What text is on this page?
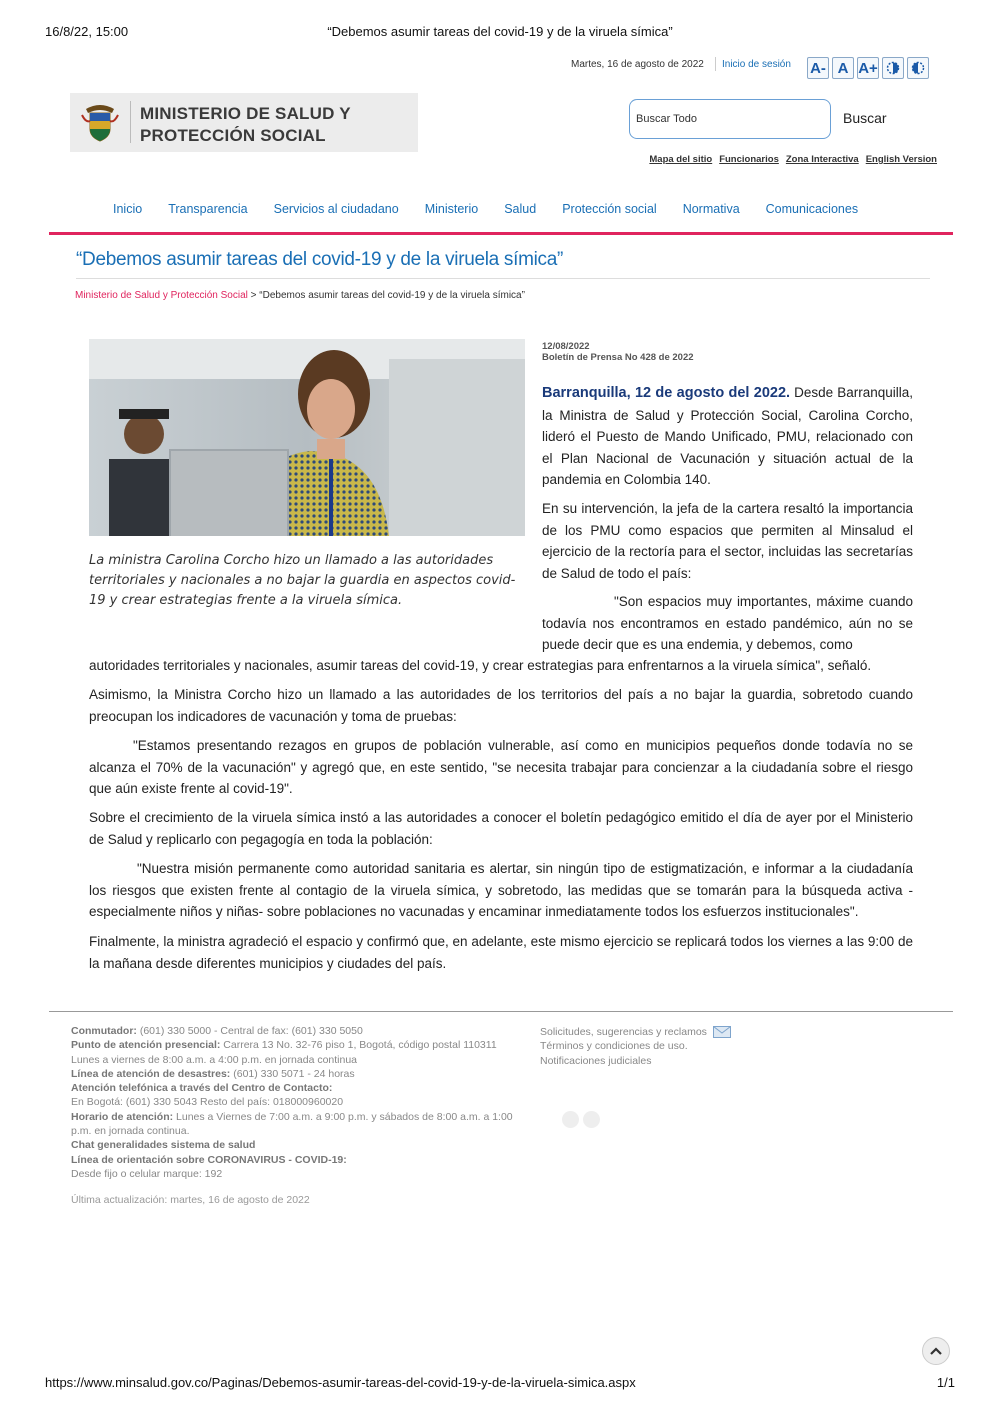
16/8/22, 15:00	“Debemos asumir tareas del covid-19 y de la viruela símica”
Martes, 16 de agosto de 2022 Inicio de sesión A- A A+
MINISTERIO DE SALUD Y
PROTECCIÓN SOCIAL
Buscar Todo
Buscar
Mapa del sitio Funcionarios Zona Interactiva English Version
Inicio Transparencia Servicios al ciudadano Ministerio Salud Protección social Normativa Comunicaciones
“Debemos asumir tareas del covid-19 y de la viruela símica”
Ministerio de Salud y Protección Social > “Debemos asumir tareas del covid-19 y de la viruela símica”
La ministra Carolina Corcho hizo un llamado a las autoridades territoriales y nacionales a no bajar la guardia en aspectos covid-19 y crear estrategias frente a la viruela símica.
12/08/2022
Boletín de Prensa No 428 de 2022

Barranquilla, 12 de agosto del 2022. Desde Barranquilla, la Ministra de Salud y Protección Social, Carolina Corcho, lideró el Puesto de Mando Unificado, PMU, relacionado con el Plan Nacional de Vacunación y situación actual de la pandemia en Colombia 140.

En su intervención, la jefa de la cartera resaltó la importancia de los PMU como espacios que permiten al Minsalud el ejercicio de la rectoría para el sector, incluidas las secretarías de Salud de todo el país:

"Son espacios muy importantes, máxime cuando todavía nos encontramos en estado pandémico, aún no se puede decir que es una endemia, y debemos, como

autoridades territoriales y nacionales, asumir tareas del covid-19, y crear estrategias para enfrentarnos a la viruela símica", señaló.

Asimismo, la Ministra Corcho hizo un llamado a las autoridades de los territorios del país a no bajar la guardia, sobretodo cuando preocupan los indicadores de vacunación y toma de pruebas:

"Estamos presentando rezagos en grupos de población vulnerable, así como en municipios pequeños donde todavía no se alcanza el 70% de la vacunación" y agregó que, en este sentido, "se necesita trabajar para concienzar a la ciudadanía sobre el riesgo que aún existe frente al covid-19".

Sobre el crecimiento de la viruela símica instó a las autoridades a conocer el boletín pedagógico emitido el día de ayer por el Ministerio de Salud y replicarlo con pegagogía en toda la población:

"Nuestra misión permanente como autoridad sanitaria es alertar, sin ningún tipo de estigmatización, e informar a la ciudadanía los riesgos que existen frente al contagio de la viruela símica, y sobretodo, las medidas que se tomarán para la búsqueda activa -especialmente niños y niñas- sobre poblaciones no vacunadas y encaminar inmediatamente todos los esfuerzos institucionales".

Finalmente, la ministra agradeció el espacio y confirmó que, en adelante, este mismo ejercicio se replicará todos los viernes a las 9:00 de la mañana desde diferentes municipios y ciudades del país.

Conmutador: (601) 330 5000 - Central de fax: (601) 330 5050
Punto de atención presencial: Carrera 13 No. 32-76 piso 1, Bogotá, código postal 110311
Lunes a viernes de 8:00 a.m. a 4:00 p.m. en jornada continua
Línea de atención de desastres: (601) 330 5071 - 24 horas
Atención telefónica a través del Centro de Contacto:
En Bogotá: (601) 330 5043 Resto del país: 018000960020
Horario de atención: Lunes a Viernes de 7:00 a.m. a 9:00 p.m. y sábados de 8:00 a.m. a 1:00 p.m. en jornada continua.
Chat generalidades sistema de salud
Línea de orientación sobre CORONAVIRUS - COVID-19:
Desde fijo o celular marque: 192
Solicitudes, sugerencias y reclamos
Términos y condiciones de uso.
Notificaciones judiciales
Última actualización: martes, 16 de agosto de 2022
https://www.minsalud.gov.co/Paginas/Debemos-asumir-tareas-del-covid-19-y-de-la-viruela-simica.aspx	1/1
